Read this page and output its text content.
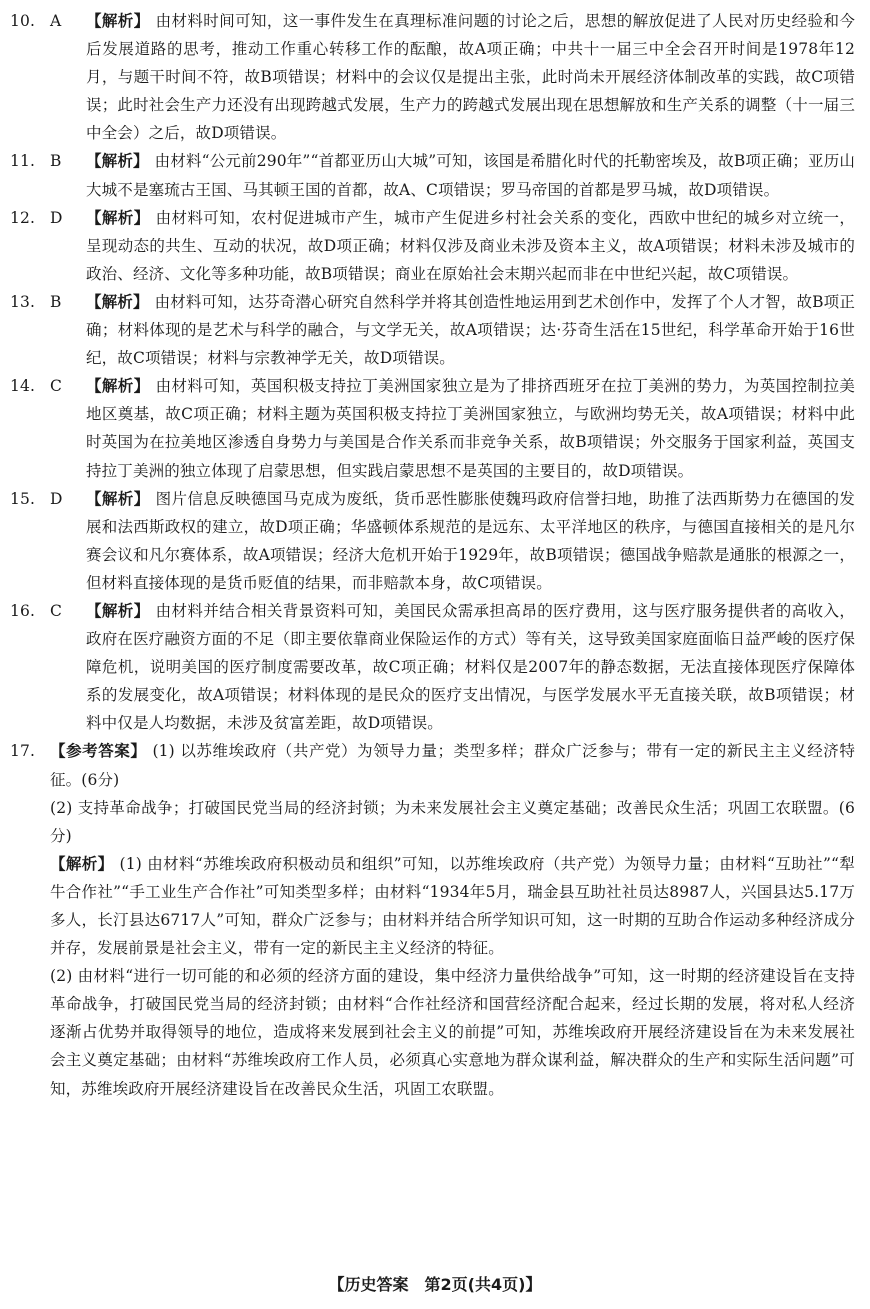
10. A	【解析】 由材料时间可知，这一事件发生在真理标准问题的讨论之后，思想的解放促进了人民对历史经验和今后发展道路的思考，推动工作重心转移工作的酝酿，故A项正确；中共十一届三中全会召开时间是1978年12月，与题干时间不符，故B项错误；材料中的会议仅是提出主张，此时尚未开展经济体制改革的实践，故C项错误；此时社会生产力还没有出现跨越式发展，生产力的跨越式发展出现在思想解放和生产关系的调整（十一届三中全会）之后，故D项错误。
11. B	【解析】 由材料“公元前290年”“首都亚历山大城”可知，该国是希腊化时代的托勒密埃及，故B项正确；亚历山大城不是塞琉古王国、马其顿王国的首都，故A、C项错误；罗马帝国的首都是罗马城，故D项错误。
12. D	【解析】 由材料可知，农村促进城市产生，城市产生促进乡村社会关系的变化，西欧中世纪的城乡对立统一，呈现动态的共生、互动的状况，故D项正确；材料仅涉及商业未涉及资本主义，故A项错误；材料未涉及城市的政治、经济、文化等多种功能，故B项错误；商业在原始社会末期兴起而非在中世纪兴起，故C项错误。
13. B	【解析】 由材料可知，达芬奇潜心研究自然科学并将其创造性地运用到艺术创作中，发挥了个人才智，故B项正确；材料体现的是艺术与科学的融合，与文学无关，故A项错误；达·芬奇生活在15世纪，科学革命开始于16世纪，故C项错误；材料与宗教神学无关，故D项错误。
14. C	【解析】 由材料可知，英国积极支持拉丁美洲国家独立是为了排挤西班牙在拉丁美洲的势力，为英国控制拉美地区奠基，故C项正确；材料主题为英国积极支持拉丁美洲国家独立，与欧洲均势无关，故A项错误；材料中此时英国为在拉美地区渗透自身势力与美国是合作关系而非竞争关系，故B项错误；外交服务于国家利益，英国支持拉丁美洲的独立体现了启蒙思想，但实践启蒙思想不是英国的主要目的，故D项错误。
15. D	【解析】 图片信息反映德国马克成为废纸，货币恶性膨胀使魏玛政府信誉扫地，助推了法西斯势力在德国的发展和法西斯政权的建立，故D项正确；华盛顿体系规范的是远东、太平洋地区的秩序，与德国直接相关的是凡尔赛会议和凡尔赛体系，故A项错误；经济大危机开始于1929年，故B项错误；德国战争赔款是通胀的根源之一，但材料直接体现的是货币贬值的结果，而非赔款本身，故C项错误。
16. C	【解析】 由材料并结合相关背景资料可知，美国民众需承担高昂的医疗费用，这与医疗服务提供者的高收入，政府在医疗融资方面的不足（即主要依靠商业保险运作的方式）等有关，这导致美国家庭面临日益严峻的医疗保障危机，说明美国的医疗制度需要改革，故C项正确；材料仅是2007年的静态数据，无法直接体现医疗保障体系的发展变化，故A项错误；材料体现的是民众的医疗支出情况，与医学发展水平无直接关联，故B项错误；材料中仅是人均数据，未涉及贫富差距，故D项错误。
17. 【参考答案】 (1) 以苏维埃政府（共产党）为领导力量；类型多样；群众广泛参与；带有一定的新民主主义经济特征。(6分)
(2) 支持革命战争；打破国民党当局的经济封锁；为未来发展社会主义奠定基础；改善民众生活；巩固工农联盟。(6分)
【解析】 (1) 由材料“苏维埃政府积极动员和组织”可知，以苏维埃政府（共产党）为领导力量；由材料“互助社”“犁牛合作社”“手工业生产合作社”可知类型多样；由材料“1934年5月，瑞金县互助社社员达8987人，兴国县达5.17万多人，长汀县达6717人”可知，群众广泛参与；由材料并结合所学知识可知，这一时期的互助合作运动多种经济成分并存，发展前景是社会主义，带有一定的新民主主义经济的特征。
(2) 由材料“进行一切可能的和必须的经济方面的建设，集中经济力量供给战争”可知，这一时期的经济建设旨在支持革命战争，打破国民党当局的经济封锁；由材料“合作社经济和国营经济配合起来，经过长期的发展，将对私人经济逐渐占优势并取得领导的地位，造成将来发展到社会主义的前提”可知，苏维埃政府开展经济建设旨在为未来发展社会主义奠定基础；由材料“苏维埃政府工作人员，必须真心实意地为群众谋利益，解决群众的生产和实际生活问题”可知，苏维埃政府开展经济建设旨在改善民众生活，巩固工农联盟。
【历史答案　第2页(共4页)】
